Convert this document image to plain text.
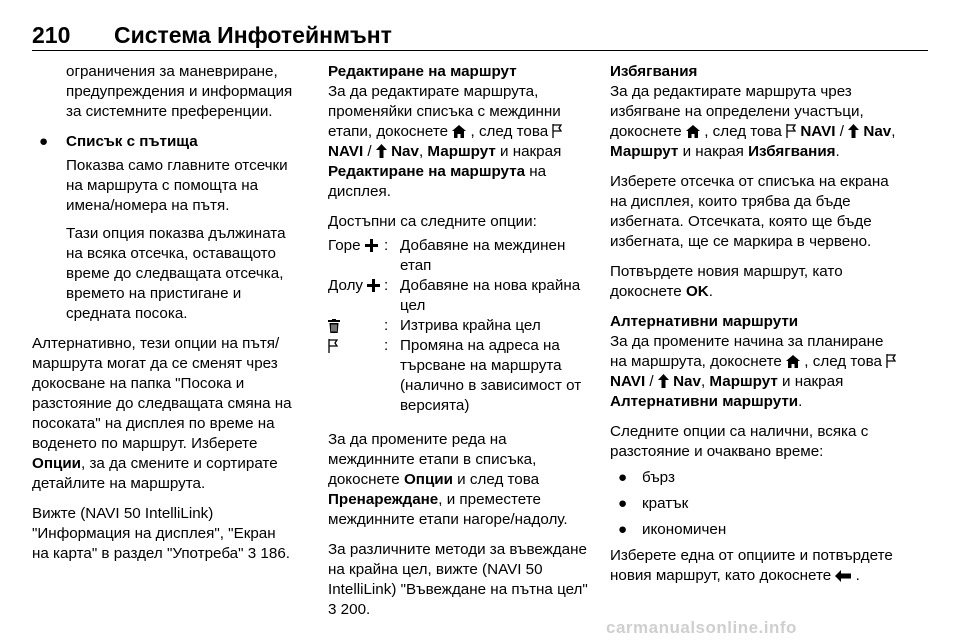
210 Система Инфотейнмънт

ограничения за маневриране, предупреждения и информация за системните преференции.

● Списък с пътища

Показва само главните отсечки на маршрута с помощта на имена/номера на пътя.

Тази опция показва дължината на всяка отсечка, оставащото време до следващата отсечка, времето на пристигане и средната посока.

Алтернативно, тези опции на пътя/маршрута могат да се сменят чрез докосване на папка "Посока и разстояние до следващата смяна на посоката" на дисплея по време на воденето по маршрут. Изберете Опции, за да смените и сортирате детайлите на маршрута.

Вижте (NAVI 50 IntelliLink) "Информация на дисплея", "Екран на карта" в раздел "Употреба" 3 186.

Редактиране на маршрут

За да редактирате маршрута, променяйки списъка с междинни етапи, докоснете  , след това  NAVI /  Nav, Маршрут и накрая Редактиране на маршрута на дисплея.

Достъпни са следните опции:

Горе
: Добавяне на междинен етап
Долу
: Добавяне на нова крайна цел
: Изтрива крайна цел
: Промяна на адреса на търсване на маршрута (налично в зависимост от версията)

За да промените реда на междинните етапи в списъка, докоснете Опции и след това Пренареждане, и преместете междинните етапи нагоре/надолу.

За различните методи за въвеждане на крайна цел, вижте (NAVI 50 IntelliLink) "Въвеждане на пътна цел" 3 200.

Избягвания

За да редактирате маршрута чрез избягване на определени участъци, докоснете  , след това  NAVI /  Nav, Маршрут и накрая Избягвания.

Изберете отсечка от списъка на екрана на дисплея, които трябва да бъде избегната. Отсечката, която ще бъде избегната, ще се маркира в червено.

Потвърдете новия маршрут, като докоснете OK.

Алтернативни маршрути

За да промените начина за планиране на маршрута, докоснете  , след това  NAVI /  Nav, Маршрут и накрая Алтернативни маршрути.

Следните опции са налични, всяка с разстояние и очаквано време:

● бърз
● кратък
● икономичен

Изберете една от опциите и потвърдете новия маршрут, като докоснете  .

carmanualsonline.info
